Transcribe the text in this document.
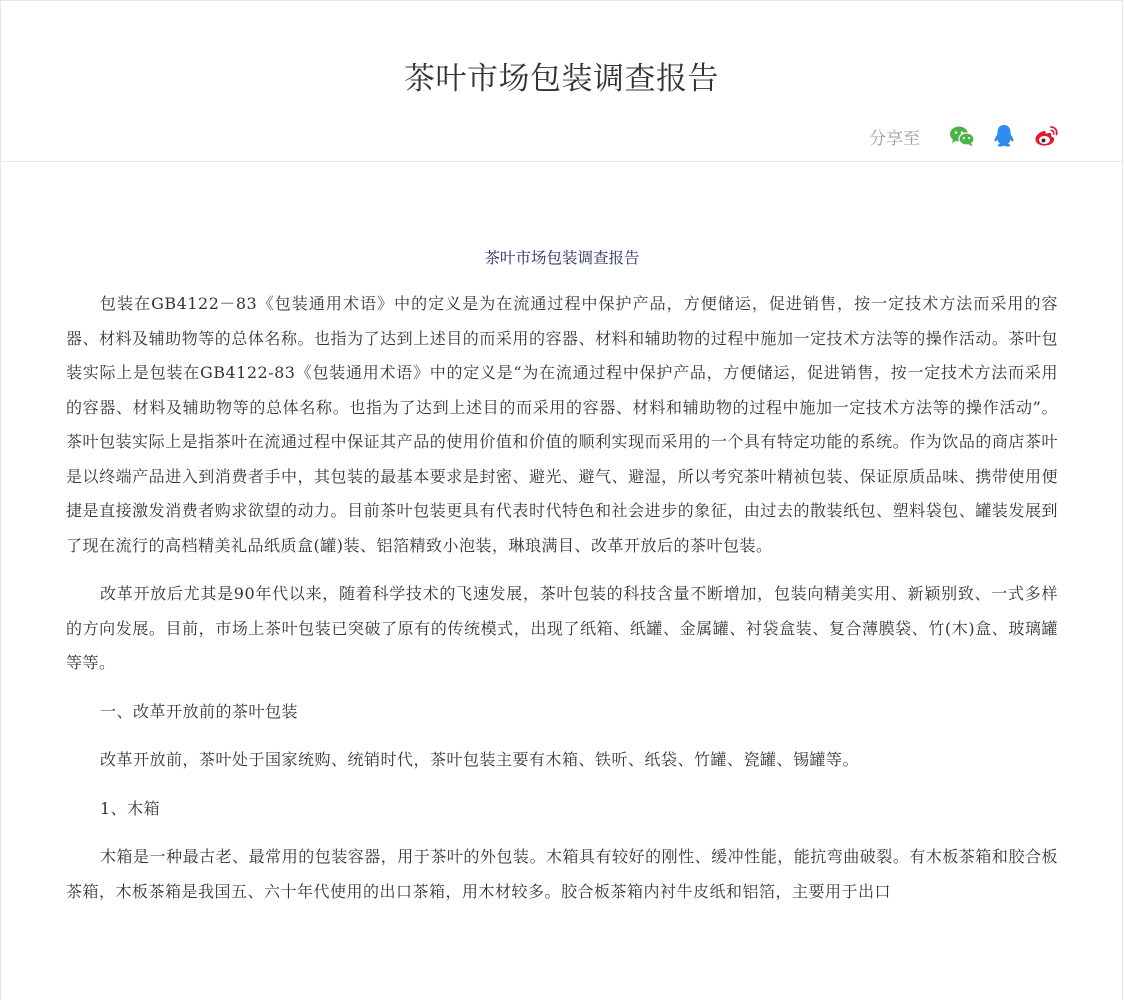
茶叶市场包装调查报告
分享至
茶叶市场包装调查报告

包装在GB4122－83《包装通用术语》中的定义是为在流通过程中保护产品，方便储运，促进销售，按一定技术方法而采用的容器、材料及辅助物等的总体名称。也指为了达到上述目的而采用的容器、材料和辅助物的过程中施加一定技术方法等的操作活动。茶叶包装实际上是包装在GB4122-83《包装通用术语》中的定义是“为在流通过程中保护产品，方便储运，促进销售，按一定技术方法而采用的容器、材料及辅助物等的总体名称。也指为了达到上述目的而采用的容器、材料和辅助物的过程中施加一定技术方法等的操作活动”。茶叶包装实际上是指茶叶在流通过程中保证其产品的使用价值和价值的顺利实现而采用的一个具有特定功能的系统。作为饮品的商店茶叶是以终端产品进入到消费者手中，其包装的最基本要求是封密、避光、避气、避湿，所以考究茶叶精祯包装、保证原质品味、携带使用便捷是直接激发消费者购求欲望的动力。目前茶叶包装更具有代表时代特色和社会进步的象征，由过去的散装纸包、塑料袋包、罐装发展到了现在流行的高档精美礼品纸质盒(罐)装、铝箔精致小泡装，琳琅满目、改革开放后的茶叶包装。

改革开放后尤其是90年代以来，随着科学技术的飞速发展，茶叶包装的科技含量不断增加，包装向精美实用、新颖别致、一式多样的方向发展。目前，市场上茶叶包装已突破了原有的传统模式，出现了纸箱、纸罐、金属罐、衬袋盒装、复合薄膜袋、竹(木)盒、玻璃罐等等。

一、改革开放前的茶叶包装

改革开放前，茶叶处于国家统购、统销时代，茶叶包装主要有木箱、铁听、纸袋、竹罐、瓷罐、锡罐等。

1、木箱

木箱是一种最古老、最常用的包装容器，用于茶叶的外包装。木箱具有较好的刚性、缓冲性能，能抗弯曲破裂。有木板茶箱和胶合板茶箱，木板茶箱是我国五、六十年代使用的出口茶箱，用木材较多。胶合板茶箱内衬牛皮纸和铝箔，主要用于出口
